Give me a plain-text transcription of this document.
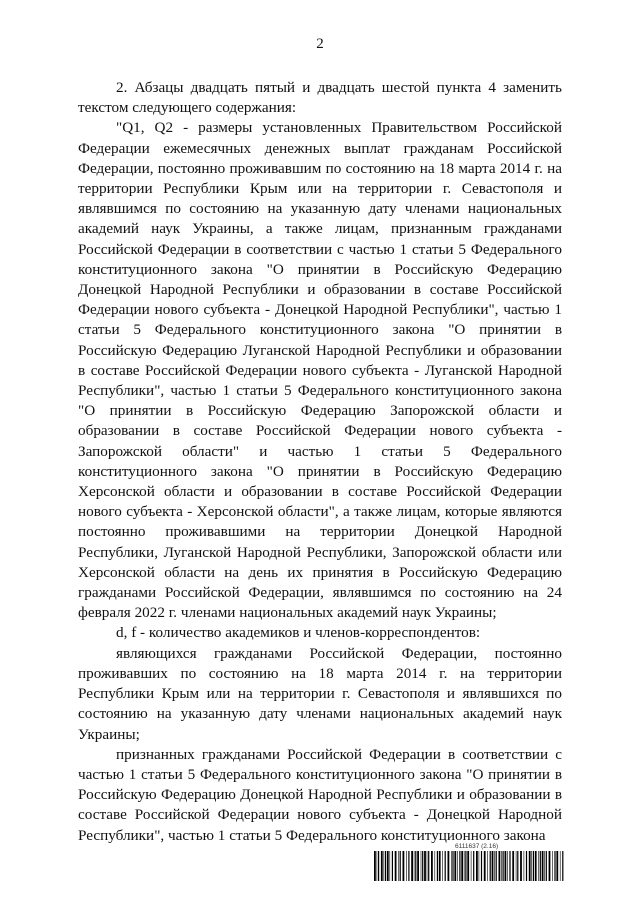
2

2. Абзацы двадцать пятый и двадцать шестой пункта 4 заменить текстом следующего содержания:

"Q1, Q2 - размеры установленных Правительством Российской Федерации ежемесячных денежных выплат гражданам Российской Федерации, постоянно проживавшим по состоянию на 18 марта 2014 г. на территории Республики Крым или на территории г. Севастополя и являвшимся по состоянию на указанную дату членами национальных академий наук Украины, а также лицам, признанным гражданами Российской Федерации в соответствии с частью 1 статьи 5 Федерального конституционного закона "О принятии в Российскую Федерацию Донецкой Народной Республики и образовании в составе Российской Федерации нового субъекта - Донецкой Народной Республики", частью 1 статьи 5 Федерального конституционного закона "О принятии в Российскую Федерацию Луганской Народной Республики и образовании в составе Российской Федерации нового субъекта - Луганской Народной Республики", частью 1 статьи 5 Федерального конституционного закона "О принятии в Российскую Федерацию Запорожской области и образовании в составе Российской Федерации нового субъекта - Запорожской области" и частью 1 статьи 5 Федерального конституционного закона "О принятии в Российскую Федерацию Херсонской области и образовании в составе Российской Федерации нового субъекта - Херсонской области", а также лицам, которые являются постоянно проживавшими на территории Донецкой Народной Республики, Луганской Народной Республики, Запорожской области или Херсонской области на день их принятия в Российскую Федерацию гражданами Российской Федерации, являвшимся по состоянию на 24 февраля 2022 г. членами национальных академий наук Украины;

d, f - количество академиков и членов-корреспондентов:

являющихся гражданами Российской Федерации, постоянно проживавших по состоянию на 18 марта 2014 г. на территории Республики Крым или на территории г. Севастополя и являвшихся по состоянию на указанную дату членами национальных академий наук Украины;

признанных гражданами Российской Федерации в соответствии с частью 1 статьи 5 Федерального конституционного закона "О принятии в Российскую Федерацию Донецкой Народной Республики и образовании в составе Российской Федерации нового субъекта - Донецкой Народной Республики", частью 1 статьи 5 Федерального конституционного закона

6111637 (2.16)
